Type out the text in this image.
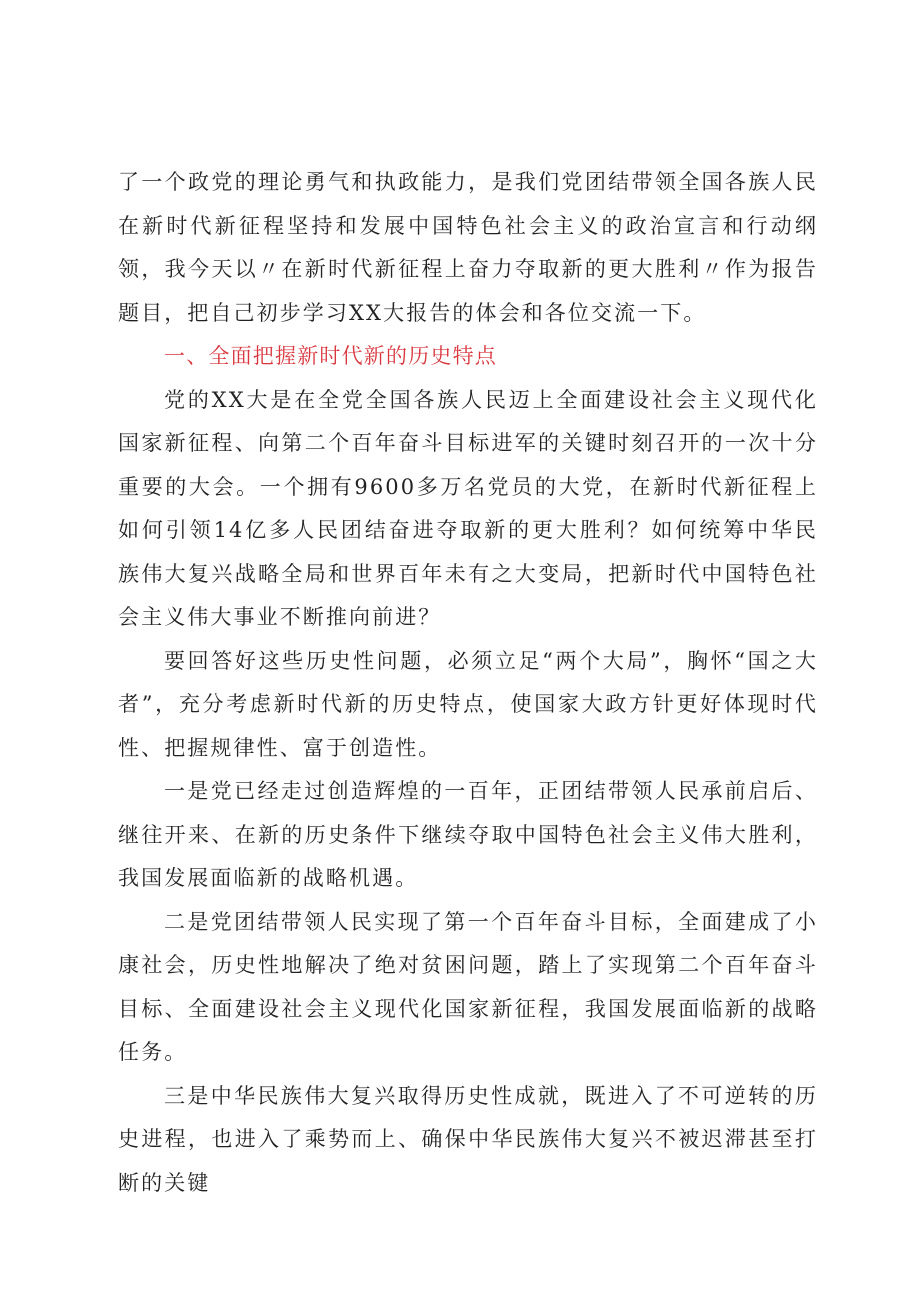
了一个政党的理论勇气和执政能力，是我们党团结带领全国各族人民在新时代新征程坚持和发展中国特色社会主义的政治宣言和行动纲领，我今天以〃在新时代新征程上奋力夺取新的更大胜利〃作为报告题目，把自己初步学习XX大报告的体会和各位交流一下。

一、全面把握新时代新的历史特点

党的XX大是在全党全国各族人民迈上全面建设社会主义现代化国家新征程、向第二个百年奋斗目标进军的关键时刻召开的一次十分重要的大会。一个拥有9600多万名党员的大党，在新时代新征程上如何引领14亿多人民团结奋进夺取新的更大胜利？如何统筹中华民族伟大复兴战略全局和世界百年未有之大变局，把新时代中国特色社会主义伟大事业不断推向前进？

要回答好这些历史性问题，必须立足“两个大局”，胸怀“国之大者”，充分考虑新时代新的历史特点，使国家大政方针更好体现时代性、把握规律性、富于创造性。

一是党已经走过创造辉煌的一百年，正团结带领人民承前启后、继往开来、在新的历史条件下继续夺取中国特色社会主义伟大胜利，我国发展面临新的战略机遇。

二是党团结带领人民实现了第一个百年奋斗目标，全面建成了小康社会，历史性地解决了绝对贫困问题，踏上了实现第二个百年奋斗目标、全面建设社会主义现代化国家新征程，我国发展面临新的战略任务。

三是中华民族伟大复兴取得历史性成就，既进入了不可逆转的历史进程，也进入了乘势而上、确保中华民族伟大复兴不被迟滞甚至打断的关键
